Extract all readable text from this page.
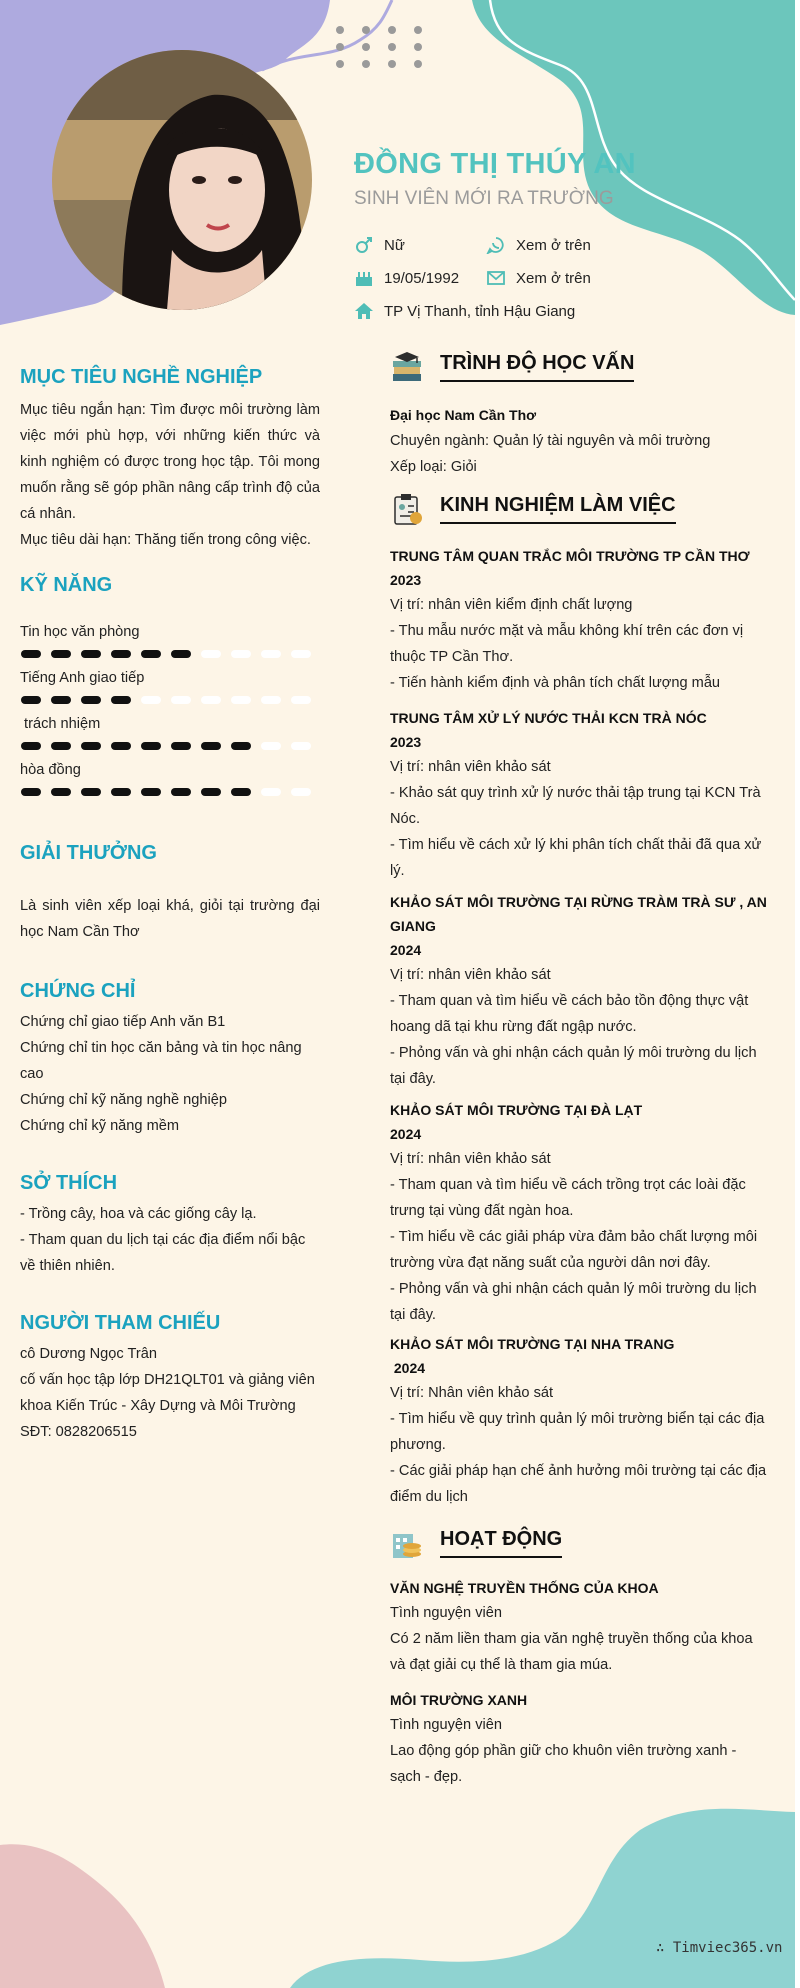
ĐỒNG THỊ THÚY AN
SINH VIÊN MỚI RA TRƯỜNG
Nữ	Xem ở trên
19/05/1992	Xem ở trên
TP Vị Thanh, tỉnh Hậu Giang
MỤC TIÊU NGHỀ NGHIỆP
Mục tiêu ngắn hạn: Tìm được môi trường làm việc mới phù hợp, với những kiến thức và kinh nghiệm có được trong học tập. Tôi mong muốn rằng sẽ góp phần nâng cấp trình độ của cá nhân.
Mục tiêu dài hạn: Thăng tiến trong công việc.
KỸ NĂNG
Tin học văn phòng
Tiếng Anh giao tiếp
trách nhiệm
hòa đồng
GIẢI THƯỞNG
Là sinh viên xếp loại khá, giỏi tại trường đại học Nam Cần Thơ
CHỨNG CHỈ
Chứng chỉ giao tiếp Anh văn B1
Chứng chỉ tin học căn bảng và tin học nâng cao
Chứng chỉ kỹ năng nghề nghiệp
Chứng chỉ kỹ năng mềm
SỞ THÍCH
- Trồng cây, hoa và các giống cây lạ.
- Tham quan du lịch tại các địa điểm nổi bậc về thiên nhiên.
NGƯỜI THAM CHIẾU
cô Dương Ngọc Trân
cố vấn học tập lớp DH21QLT01 và giảng viên khoa Kiến Trúc - Xây Dựng và Môi Trường
SĐT: 0828206515
TRÌNH ĐỘ HỌC VẤN
Đại học Nam Cần Thơ
Chuyên ngành: Quản lý tài nguyên và môi trường
Xếp loại: Giỏi
KINH NGHIỆM LÀM VIỆC
TRUNG TÂM QUAN TRẮC MÔI TRƯỜNG TP CẦN THƠ
2023
Vị trí: nhân viên kiểm định chất lượng
- Thu mẫu nước mặt và mẫu không khí trên các đơn vị thuộc TP Cần Thơ.
- Tiến hành kiểm định và phân tích chất lượng mẫu
TRUNG TÂM XỬ LÝ NƯỚC THẢI KCN TRÀ NÓC
2023
Vị trí: nhân viên khảo sát
- Khảo sát quy trình xử lý nước thải tập trung tại KCN Trà Nóc.
- Tìm hiểu về cách xử lý khi phân tích chất thải đã qua xử lý.
KHẢO SÁT MÔI TRƯỜNG TẠI RỪNG TRÀM TRÀ SƯ , AN GIANG
2024
Vị trí: nhân viên khảo sát
- Tham quan và tìm hiểu về cách bảo tồn động thực vật hoang dã tại khu rừng đất ngập nước.
- Phỏng vấn và ghi nhận cách quản lý môi trường du lịch tại đây.
KHẢO SÁT MÔI TRƯỜNG TẠI ĐÀ LẠT
2024
Vị trí: nhân viên khảo sát
- Tham quan và tìm hiểu về cách trồng trọt các loài đặc trưng tại vùng đất ngàn hoa.
- Tìm hiểu về các giải pháp vừa đảm bảo chất lượng môi trường vừa đạt năng suất của người dân nơi đây.
- Phỏng vấn và ghi nhận cách quản lý môi trường du lịch tại đây.
KHẢO SÁT MÔI TRƯỜNG TẠI NHA TRANG
2024
Vị trí: Nhân viên khảo sát
- Tìm hiểu về quy trình quản lý môi trường biển tại các địa phương.
- Các giải pháp hạn chế ảnh hưởng môi trường tại các địa điểm du lịch
HOẠT ĐỘNG
VĂN NGHỆ TRUYỀN THỐNG CỦA KHOA
Tình nguyện viên
Có 2 năm liền tham gia văn nghệ truyền thống của khoa và đạt giải cụ thể là tham gia múa.
MÔI TRƯỜNG XANH
Tình nguyện viên
Lao động góp phần giữ cho khuôn viên trường xanh - sạch - đẹp.
∴ Timviec365.vn
